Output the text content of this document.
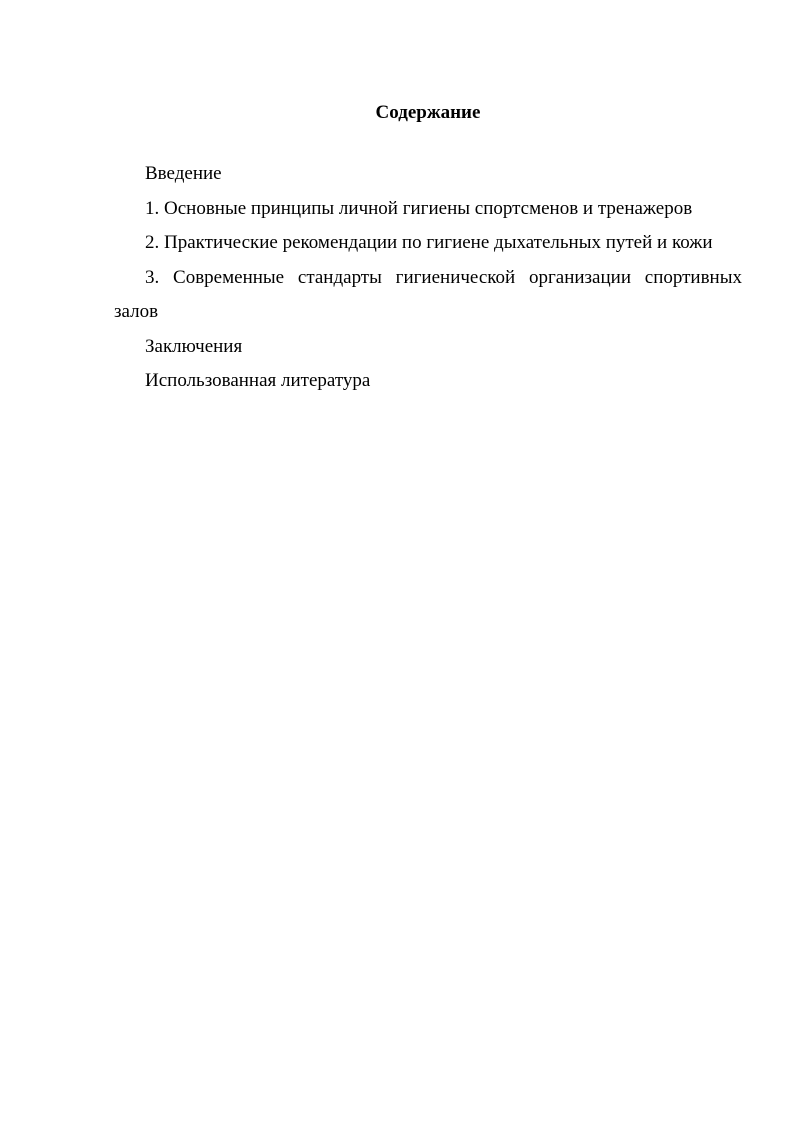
Содержание

Введение

1. Основные принципы личной гигиены спортсменов и тренажеров

2. Практические рекомендации по гигиене дыхательных путей и кожи

3. Современные стандарты гигиенической организации спортивных залов

Заключения

Использованная литература
